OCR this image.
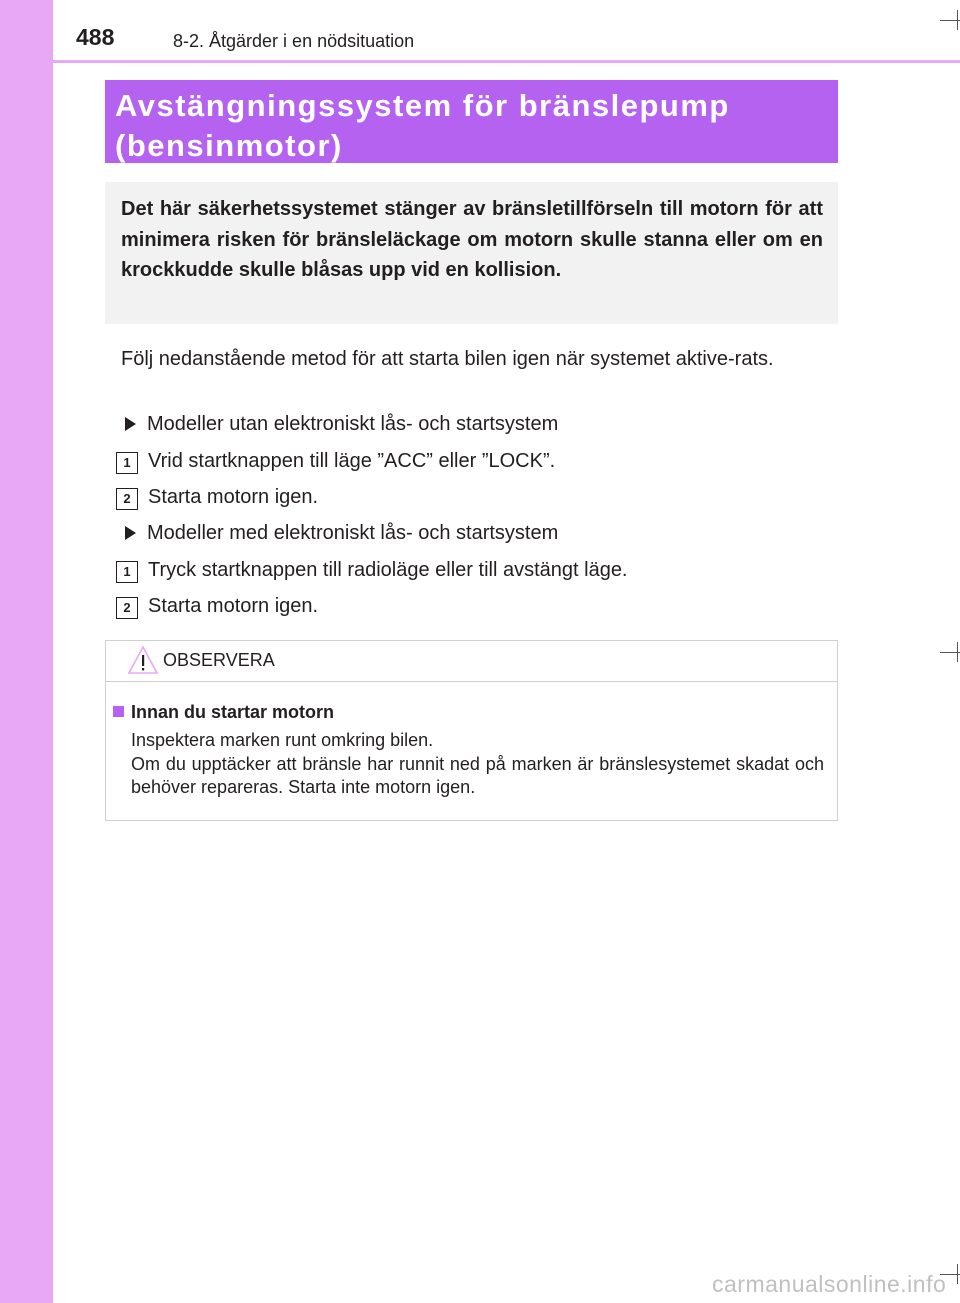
488	8-2. Åtgärder i en nödsituation
Avstängningssystem för bränslepump
(bensinmotor)
Det här säkerhetssystemet stänger av bränsletillförseln till motorn för att minimera risken för bränsleläckage om motorn skulle stanna eller om en krockkudde skulle blåsas upp vid en kollision.
Följ nedanstående metod för att starta bilen igen när systemet aktive-rats.
Modeller utan elektroniskt lås- och startsystem
1 Vrid startknappen till läge ”ACC” eller ”LOCK”.
2 Starta motorn igen.
Modeller med elektroniskt lås- och startsystem
1 Tryck startknappen till radioläge eller till avstängt läge.
2 Starta motorn igen.
OBSERVERA
Innan du startar motorn
Inspektera marken runt omkring bilen.
Om du upptäcker att bränsle har runnit ned på marken är bränslesystemet skadat och behöver repareras. Starta inte motorn igen.
carmanualsonline.info
